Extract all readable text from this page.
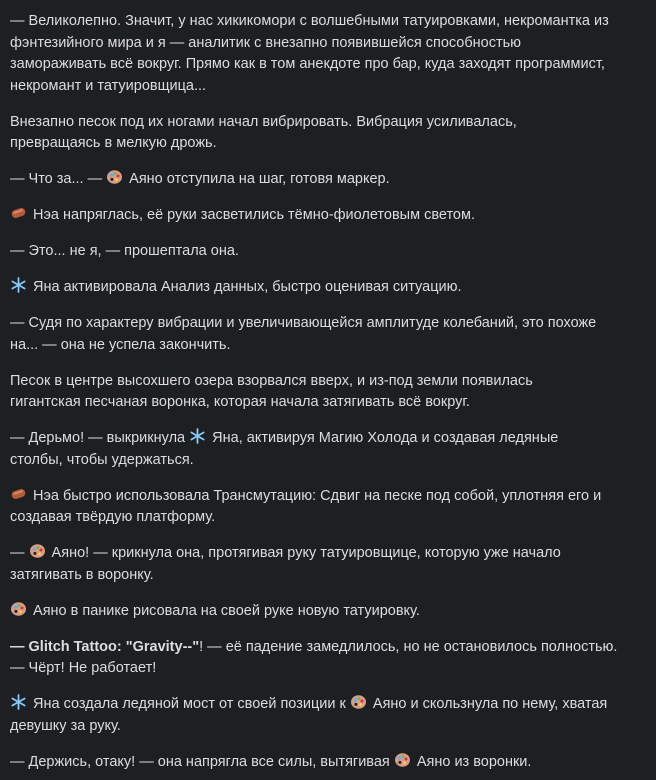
— Великолепно. Значит, у нас хикикомори с волшебными татуировками, некромантка из
фэнтезийного мира и я — аналитик с внезапно появившейся способностью
замораживать всё вокруг. Прямо как в том анекдоте про бар, куда заходят программист,
некромант и татуировщица...
Внезапно песок под их ногами начал вибрировать. Вибрация усиливалась,
превращаясь в мелкую дрожь.
— Что за... —  Аяно отступила на шаг, готовя маркер.
Нэа напряглась, её руки засветились тёмно-фиолетовым светом.
— Это... не я, — прошептала она.
Яна активировала Анализ данных, быстро оценивая ситуацию.
— Судя по характеру вибрации и увеличивающейся амплитуде колебаний, это похоже
на... — она не успела закончить.
Песок в центре высохшего озера взорвался вверх, и из-под земли появилась
гигантская песчаная воронка, которая начала затягивать всё вокруг.
— Дерьмо! — выкрикнула  Яна, активируя Магию Холода и создавая ледяные
столбы, чтобы удержаться.
Нэа быстро использовала Трансмутацию: Сдвиг на песке под собой, уплотняя его и
создавая твёрдую платформу.
—  Аяно! — крикнула она, протягивая руку татуировщице, которую уже начало
затягивать в воронку.
Аяно в панике рисовала на своей руке новую татуировку.
— Glitch Tattoo: "Gravity--"! — её падение замедлилось, но не остановилось полностью.
— Чёрт! Не работает!
Яна создала ледяной мост от своей позиции к  Аяно и скользнула по нему, хватая
девушку за руку.
— Держись, отаку! — она напрягла все силы, вытягивая  Аяно из воронки.
